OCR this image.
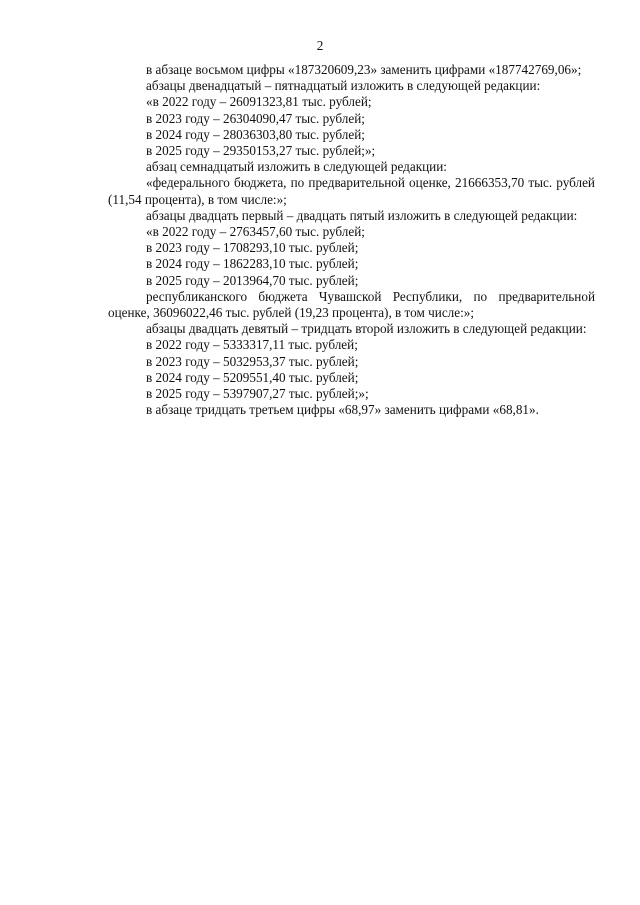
2

в абзаце восьмом цифры «187320609,23» заменить цифрами «187742769,06»;

абзацы двенадцатый – пятнадцатый изложить в следующей редакции:

«в 2022 году – 26091323,81 тыс. рублей;

в 2023 году – 26304090,47 тыс. рублей;

в 2024 году – 28036303,80 тыс. рублей;

в 2025 году – 29350153,27 тыс. рублей;»;

абзац семнадцатый изложить в следующей редакции:

«федерального бюджета, по предварительной оценке, 21666353,70 тыс. рублей (11,54 процента), в том числе:»;

абзацы двадцать первый – двадцать пятый изложить в следующей редакции:

«в 2022 году – 2763457,60 тыс. рублей;

в 2023 году – 1708293,10 тыс. рублей;

в 2024 году – 1862283,10 тыс. рублей;

в 2025 году – 2013964,70 тыс. рублей;

республиканского бюджета Чувашской Республики, по предварительной оценке, 36096022,46 тыс. рублей (19,23 процента), в том числе:»;

абзацы двадцать девятый – тридцать второй изложить в следующей редакции:

в 2022 году – 5333317,11 тыс. рублей;

в 2023 году – 5032953,37 тыс. рублей;

в 2024 году – 5209551,40 тыс. рублей;

в 2025 году – 5397907,27 тыс. рублей;»;

в абзаце тридцать третьем цифры «68,97» заменить цифрами «68,81».
